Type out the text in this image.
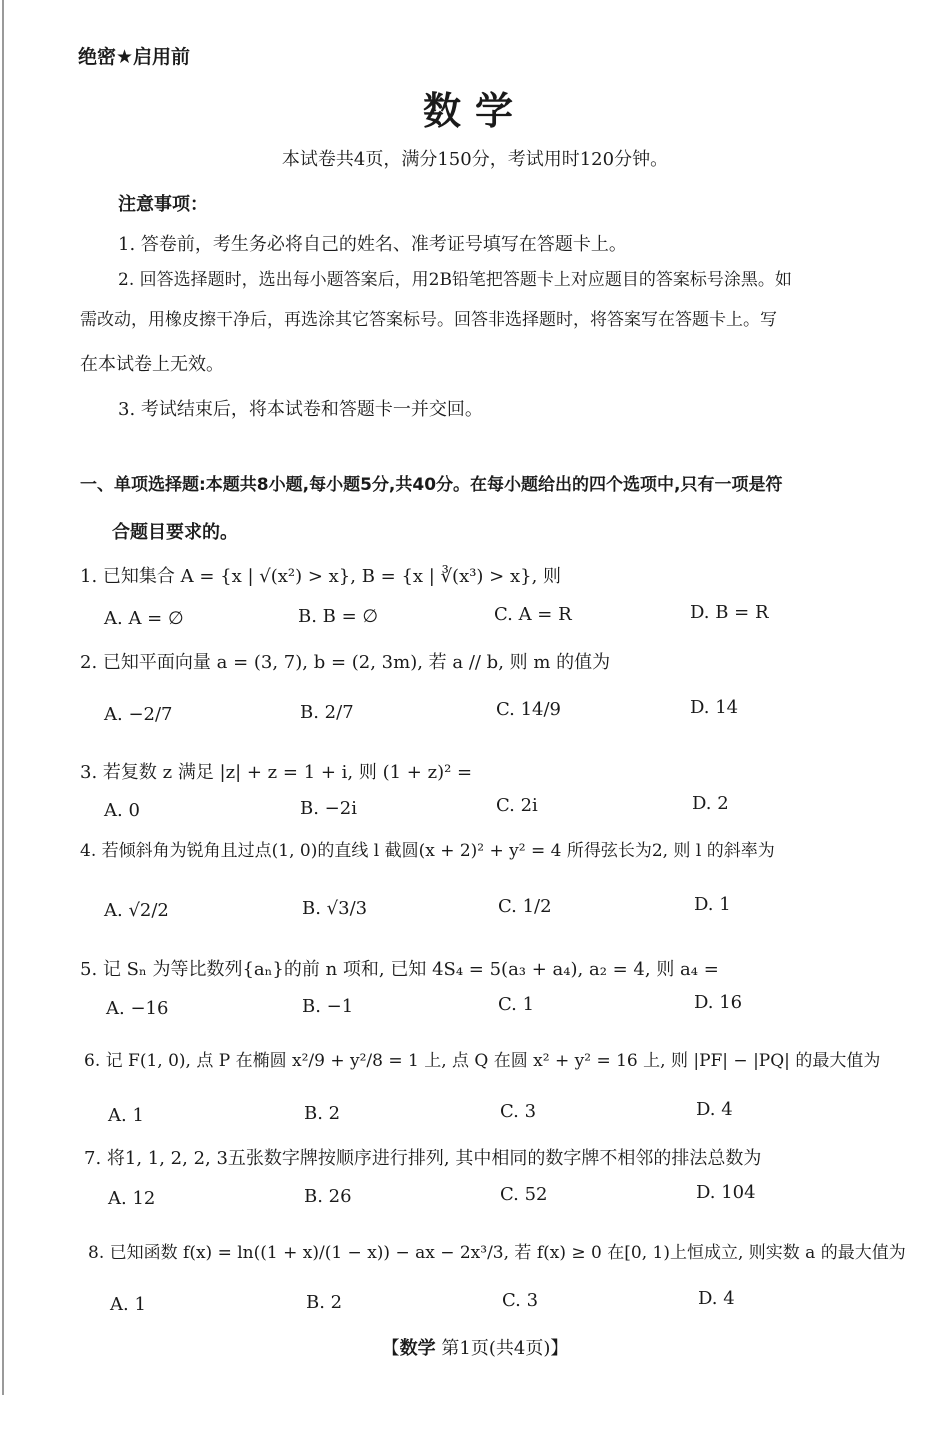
绝密★启用前
数学
本试卷共4页，满分150分，考试用时120分钟。
注意事项：
1. 答卷前，考生务必将自己的姓名、准考证号填写在答题卡上。
2. 回答选择题时，选出每小题答案后，用2B铅笔把答题卡上对应题目的答案标号涂黑。如
需改动，用橡皮擦干净后，再选涂其它答案标号。回答非选择题时，将答案写在答题卡上。写
在本试卷上无效。
3. 考试结束后，将本试卷和答题卡一并交回。
一、单项选择题:本题共8小题,每小题5分,共40分。在每小题给出的四个选项中,只有一项是符
合题目要求的。
1. 已知集合 A = {x | √(x²) > x}, B = {x | ∛(x³) > x}, 则
A. A = ∅	B. B = ∅	C. A = R	D. B = R
2. 已知平面向量 a = (3, 7), b = (2, 3m), 若 a // b, 则 m 的值为
A. −2/7	B. 2/7	C. 14/9	D. 14
3. 若复数 z 满足 |z| + z = 1 + i, 则 (1 + z)² =
A. 0	B. −2i	C. 2i	D. 2
4. 若倾斜角为锐角且过点(1, 0)的直线 l 截圆(x + 2)² + y² = 4 所得弦长为2, 则 l 的斜率为
A. √2/2	B. √3/3	C. 1/2	D. 1
5. 记 Sₙ 为等比数列{aₙ}的前 n 项和, 已知 4S₄ = 5(a₃ + a₄), a₂ = 4, 则 a₄ =
A. −16	B. −1	C. 1	D. 16
6. 记 F(1, 0), 点 P 在椭圆 x²/9 + y²/8 = 1 上, 点 Q 在圆 x² + y² = 16 上, 则 |PF| − |PQ| 的最大值为
A. 1	B. 2	C. 3	D. 4
7. 将1, 1, 2, 2, 3五张数字牌按顺序进行排列, 其中相同的数字牌不相邻的排法总数为
A. 12	B. 26	C. 52	D. 104
8. 已知函数 f(x) = ln((1 + x)/(1 − x)) − ax − 2x³/3, 若 f(x) ≥ 0 在[0, 1)上恒成立, 则实数 a 的最大值为
A. 1	B. 2	C. 3	D. 4
【数学 第1页(共4页)】
